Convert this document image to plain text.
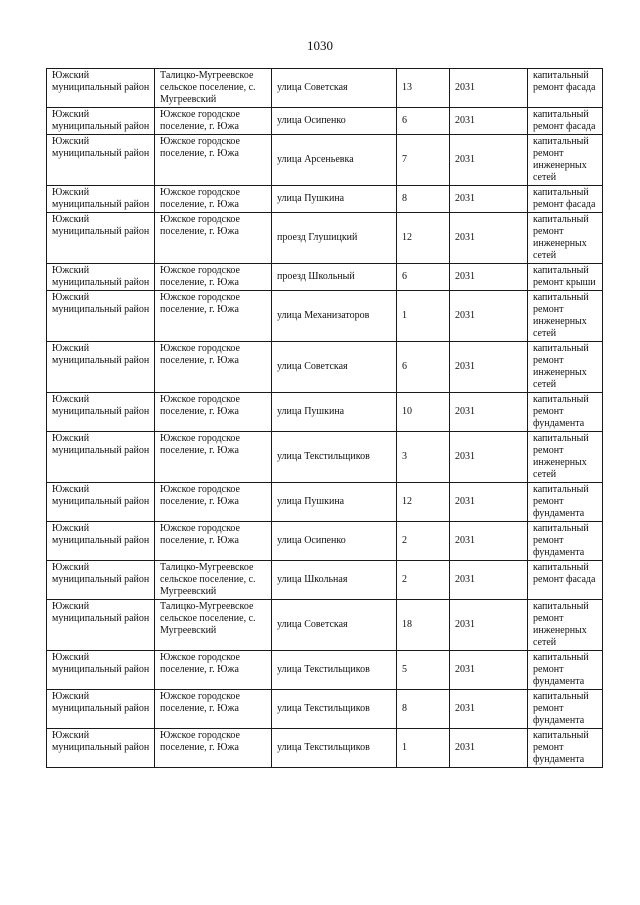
1030
Южский муниципальный район	Талицко-Мугреевское сельское поселение, с. Мугреевский	улица Советская	13	2031	капитальный ремонт фасада
Южский муниципальный район	Южское городское поселение, г. Южа	улица Осипенко	6	2031	капитальный ремонт фасада
Южский муниципальный район	Южское городское поселение, г. Южа	улица Арсеньевка	7	2031	капитальный ремонт инженерных сетей
Южский муниципальный район	Южское городское поселение, г. Южа	улица Пушкина	8	2031	капитальный ремонт фасада
Южский муниципальный район	Южское городское поселение, г. Южа	проезд Глушицкий	12	2031	капитальный ремонт инженерных сетей
Южский муниципальный район	Южское городское поселение, г. Южа	проезд Школьный	6	2031	капитальный ремонт крыши
Южский муниципальный район	Южское городское поселение, г. Южа	улица Механизаторов	1	2031	капитальный ремонт инженерных сетей
Южский муниципальный район	Южское городское поселение, г. Южа	улица Советская	6	2031	капитальный ремонт инженерных сетей
Южский муниципальный район	Южское городское поселение, г. Южа	улица Пушкина	10	2031	капитальный ремонт фундамента
Южский муниципальный район	Южское городское поселение, г. Южа	улица Текстильщиков	3	2031	капитальный ремонт инженерных сетей
Южский муниципальный район	Южское городское поселение, г. Южа	улица Пушкина	12	2031	капитальный ремонт фундамента
Южский муниципальный район	Южское городское поселение, г. Южа	улица Осипенко	2	2031	капитальный ремонт фундамента
Южский муниципальный район	Талицко-Мугреевское сельское поселение, с. Мугреевский	улица Школьная	2	2031	капитальный ремонт фасада
Южский муниципальный район	Талицко-Мугреевское сельское поселение, с. Мугреевский	улица Советская	18	2031	капитальный ремонт инженерных сетей
Южский муниципальный район	Южское городское поселение, г. Южа	улица Текстильщиков	5	2031	капитальный ремонт фундамента
Южский муниципальный район	Южское городское поселение, г. Южа	улица Текстильщиков	8	2031	капитальный ремонт фундамента
Южский муниципальный район	Южское городское поселение, г. Южа	улица Текстильщиков	1	2031	капитальный ремонт фундамента
